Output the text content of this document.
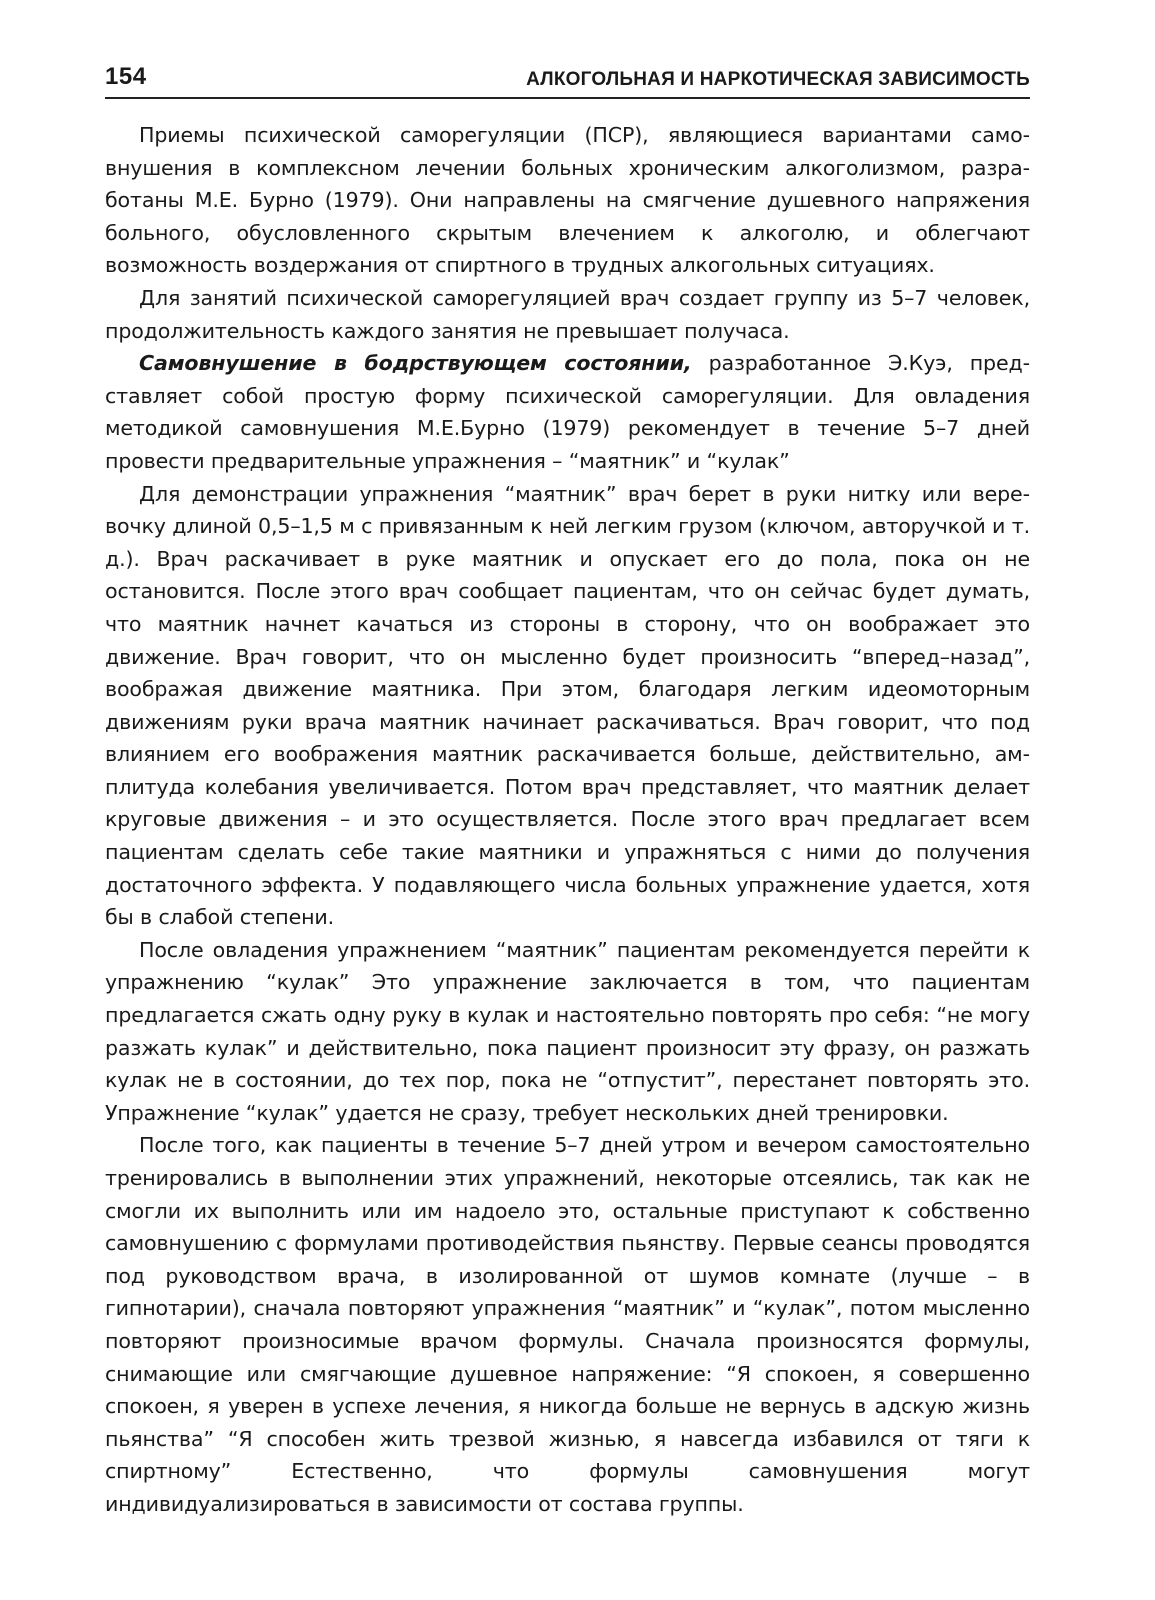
154	АЛКОГОЛЬНАЯ И НАРКОТИЧЕСКАЯ ЗАВИСИМОСТЬ

Приемы психической саморегуляции (ПСР), являющиеся вариантами самовнушения в комплексном лечении больных хроническим алкоголизмом, разработаны М.Е. Бурно (1979). Они направлены на смягчение душевного напряжения больного, обусловленного скрытым влечением к алкоголю, и облегчают возможность воздержания от спиртного в трудных алкогольных ситуациях.

Для занятий психической саморегуляцией врач создает группу из 5–7 человек, продолжительность каждого занятия не превышает получаса.

Самовнушение в бодрствующем состоянии, разработанное Э.Куэ, представляет собой простую форму психической саморегуляции. Для овладения методикой самовнушения М.Е.Бурно (1979) рекомендует в течение 5–7 дней провести предварительные упражнения – “маятник” и “кулак”

Для демонстрации упражнения “маятник” врач берет в руки нитку или веревочку длиной 0,5–1,5 м с привязанным к ней легким грузом (ключом, авторучкой и т. д.). Врач раскачивает в руке маятник и опускает его до пола, пока он не остановится. После этого врач сообщает пациентам, что он сейчас будет думать, что маятник начнет качаться из стороны в сторону, что он воображает это движение. Врач говорит, что он мысленно будет произносить “вперед–назад”, воображая движение маятника. При этом, благодаря легким идеомоторным движениям руки врача маятник начинает раскачиваться. Врач говорит, что под влиянием его воображения маятник раскачивается больше, действительно, амплитуда колебания увеличивается. Потом врач представляет, что маятник делает круговые движения – и это осуществляется. После этого врач предлагает всем пациентам сделать себе такие маятники и упражняться с ними до получения достаточного эффекта. У подавляющего числа больных упражнение удается, хотя бы в слабой степени.

После овладения упражнением “маятник” пациентам рекомендуется перейти к упражнению “кулак” Это упражнение заключается в том, что пациентам предлагается сжать одну руку в кулак и настоятельно повторять про себя: “не могу разжать кулак” и действительно, пока пациент произносит эту фразу, он разжать кулак не в состоянии, до тех пор, пока не “отпустит”, перестанет повторять это. Упражнение “кулак” удается не сразу, требует нескольких дней тренировки.

После того, как пациенты в течение 5–7 дней утром и вечером самостоятельно тренировались в выполнении этих упражнений, некоторые отсеялись, так как не смогли их выполнить или им надоело это, остальные приступают к собственно самовнушению с формулами противодействия пьянству. Первые сеансы проводятся под руководством врача, в изолированной от шумов комнате (лучше – в гипнотарии), сначала повторяют упражнения “маятник” и “кулак”, потом мысленно повторяют произносимые врачом формулы. Сначала произносятся формулы, снимающие или смягчающие душевное напряжение: “Я спокоен, я совершенно спокоен, я уверен в успехе лечения, я никогда больше не вернусь в адскую жизнь пьянства” “Я способен жить трезвой жизнью, я навсегда избавился от тяги к спиртному” Естественно, что формулы самовнушения могут индивидуализироваться в зависимости от состава группы.
